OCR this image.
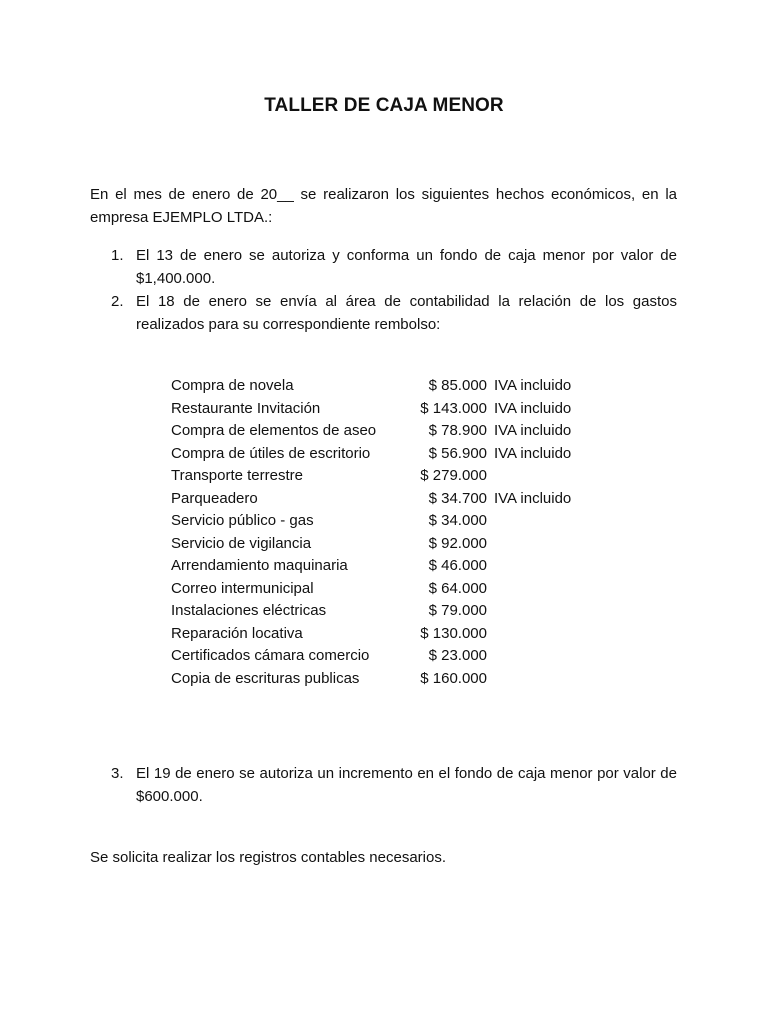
TALLER DE CAJA MENOR
En el mes de enero de 20__ se realizaron los siguientes hechos económicos, en la empresa EJEMPLO LTDA.:
1. El 13 de enero se autoriza y conforma un fondo de caja menor por valor de $1,400.000.
2. El 18 de enero se envía al área de contabilidad la relación de los gastos realizados para su correspondiente rembolso:
Compra de novela	$ 85.000 IVA incluido
Restaurante Invitación	$ 143.000 IVA incluido
Compra de elementos de aseo	$ 78.900 IVA incluido
Compra de útiles de escritorio	$ 56.900 IVA incluido
Transporte terrestre	$ 279.000
Parqueadero	$ 34.700 IVA incluido
Servicio público - gas	$ 34.000
Servicio de vigilancia	$ 92.000
Arrendamiento maquinaria	$ 46.000
Correo intermunicipal	$ 64.000
Instalaciones eléctricas	$ 79.000
Reparación locativa	$ 130.000
Certificados cámara comercio	$ 23.000
Copia de escrituras publicas	$ 160.000
3. El 19 de enero se autoriza un incremento en el fondo de caja menor por valor de $600.000.
Se solicita realizar los registros contables necesarios.
